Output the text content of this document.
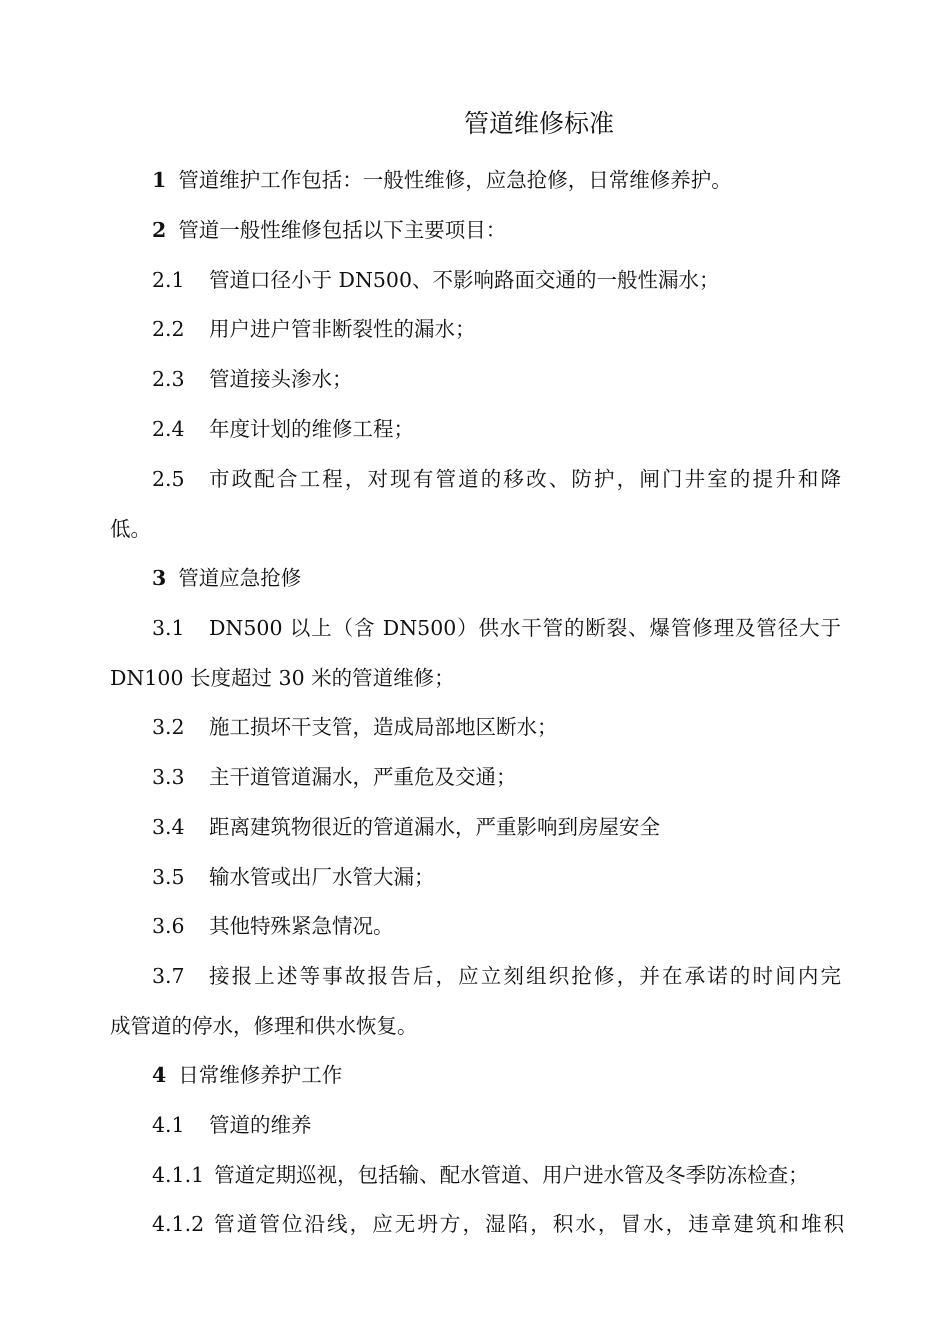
管道维修标准
1 管道维护工作包括：一般性维修，应急抢修，日常维修养护。
2 管道一般性维修包括以下主要项目：
2.1 管道口径小于 DN500、不影响路面交通的一般性漏水；
2.2 用户进户管非断裂性的漏水；
2.3 管道接头渗水；
2.4 年度计划的维修工程；
2.5 市政配合工程，对现有管道的移改、防护，闸门井室的提升和降
低。
3 管道应急抢修
3.1 DN500 以上（含 DN500）供水干管的断裂、爆管修理及管径大于
DN100 长度超过 30 米的管道维修；
3.2 施工损坏干支管，造成局部地区断水；
3.3 主干道管道漏水，严重危及交通；
3.4 距离建筑物很近的管道漏水，严重影响到房屋安全
3.5 输水管或出厂水管大漏；
3.6 其他特殊紧急情况。
3.7 接报上述等事故报告后，应立刻组织抢修，并在承诺的时间内完
成管道的停水，修理和供水恢复。
4 日常维修养护工作
4.1 管道的维养
4.1.1 管道定期巡视，包括输、配水管道、用户进水管及冬季防冻检查；
4.1.2 管道管位沿线，应无坍方，湿陷，积水，冒水，违章建筑和堆积
